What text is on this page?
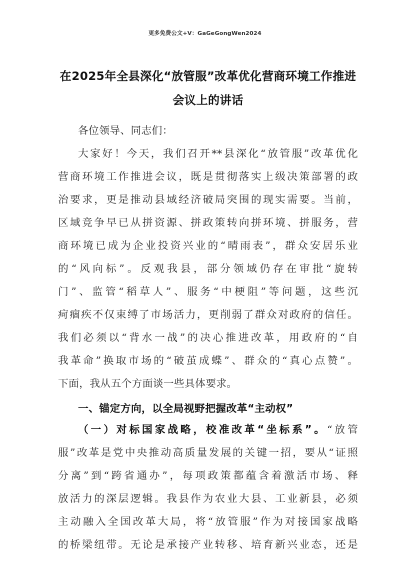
更多免费公文+V：GaGeGongWen2024
在2025年全县深化“放管服”改革优化营商环境工作推进
会议上的讲话
各位领导、同志们：
大家好！今天，我们召开**县深化“放管服”改革优化
营商环境工作推进会议，既是贯彻落实上级决策部署的政
治要求，更是推动县域经济破局突围的现实需要。当前，
区域竞争早已从拼资源、拼政策转向拼环境、拼服务，营
商环境已成为企业投资兴业的“晴雨表”，群众安居乐业
的“风向标”。反观我县，部分领域仍存在审批“旋转
门”、监管“稻草人”、服务“中梗阻”等问题，这些沉
疴痼疾不仅束缚了市场活力，更削弱了群众对政府的信任。
我们必须以“背水一战”的决心推进改革，用政府的“自
我革命”换取市场的“破茧成蝶”、群众的“真心点赞”。
下面，我从五个方面谈一些具体要求。
一、锚定方向，以全局视野把握改革“主动权”
（一）对标国家战略，校准改革“坐标系”。“放管
服”改革是党中央推动高质量发展的关键一招，要从“证照
分离”到“跨省通办”，每项政策都蕴含着激活市场、释
放活力的深层逻辑。我县作为农业大县、工业新县，必须
主动融入全国改革大局，将“放管服”作为对接国家战略
的桥梁纽带。无论是承接产业转移、培育新兴业态，还是
